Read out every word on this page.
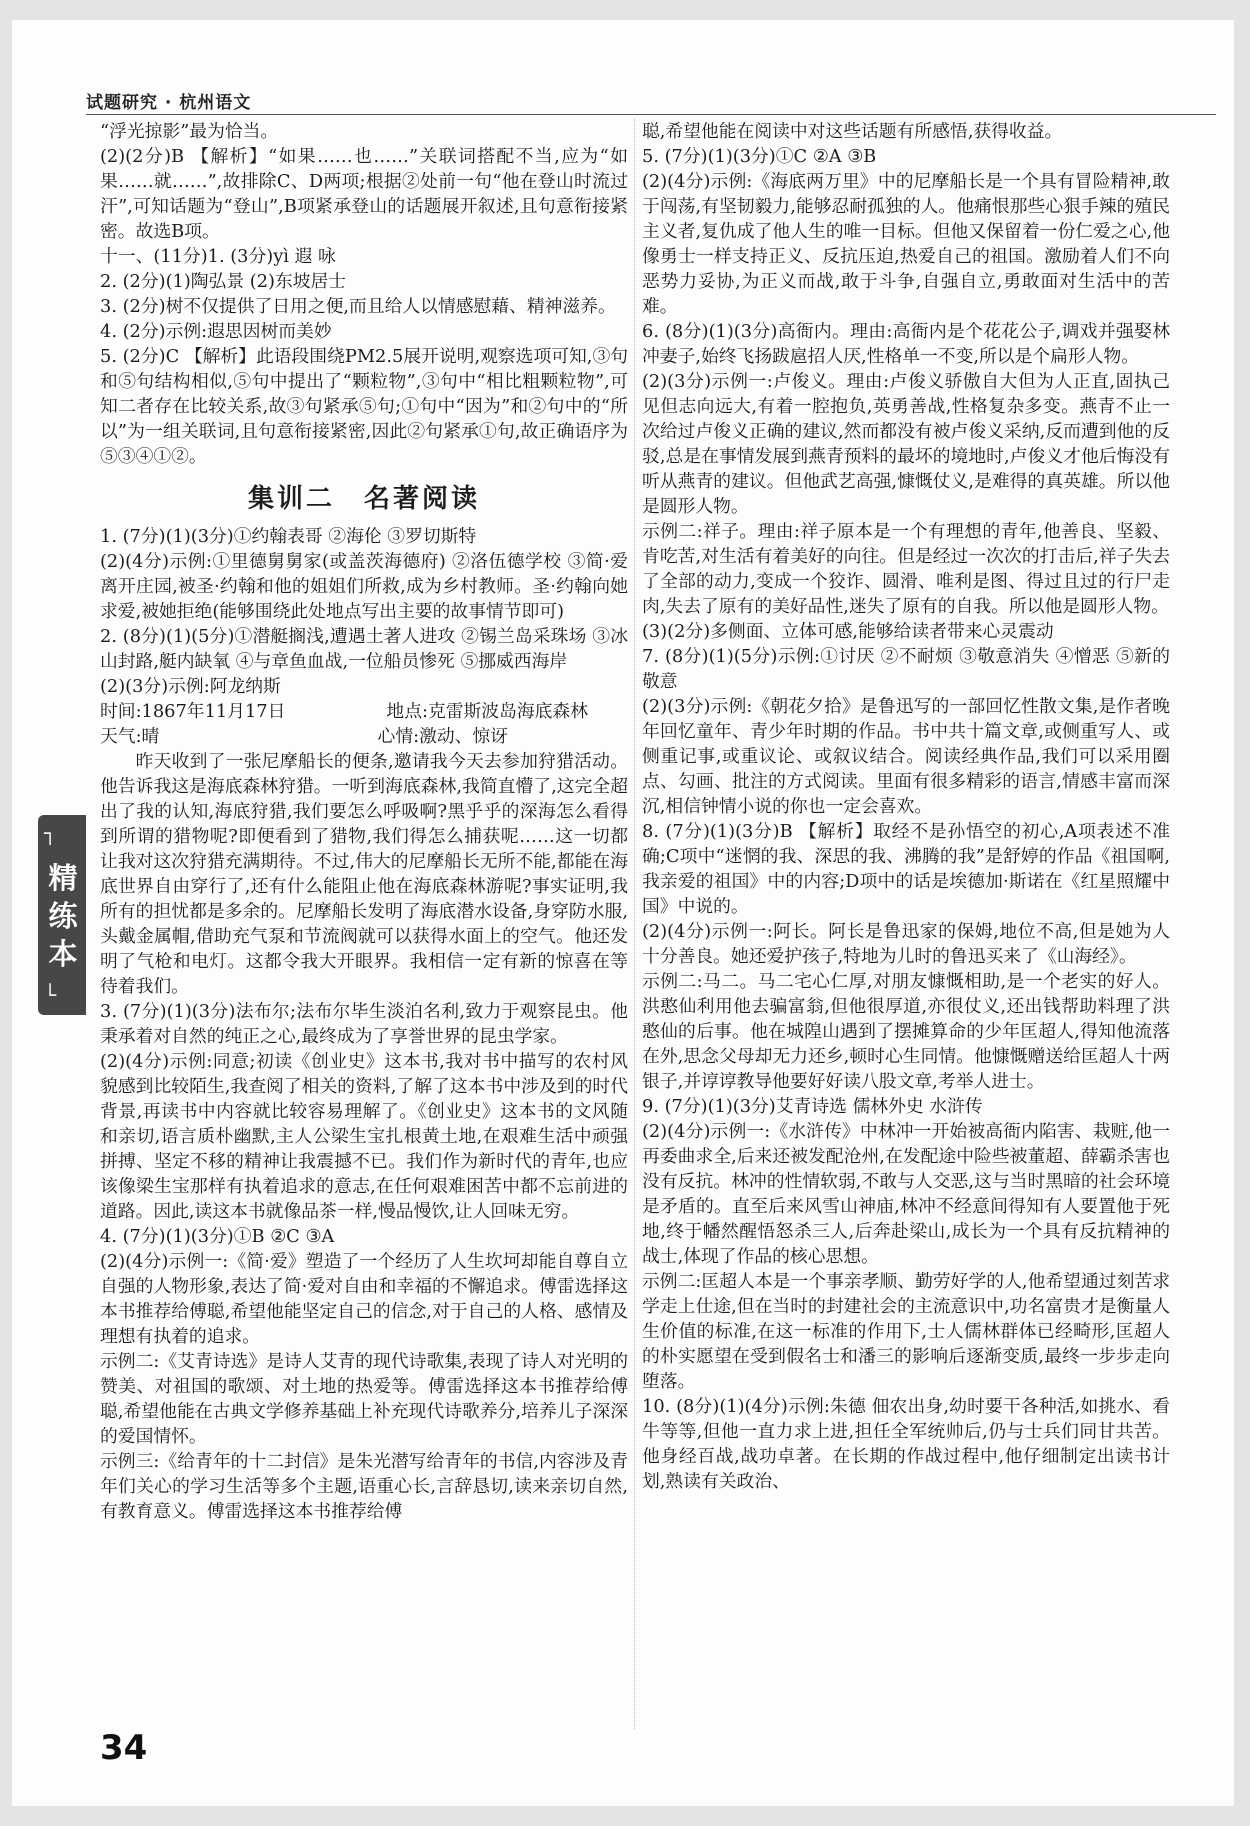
试题研究 · 杭州语文
┐
精练本
└

“浮光掠影”最为恰当。

(2)(2分)B 【解析】“如果……也……”关联词搭配不当,应为“如果……就……”,故排除C、D两项;根据②处前一句“他在登山时流过汗”,可知话题为“登山”,B项紧承登山的话题展开叙述,且句意衔接紧密。故选B项。

十一、(11分)1. (3分)yì 遐 咏

2. (2分)(1)陶弘景 (2)东坡居士

3. (2分)树不仅提供了日用之便,而且给人以情感慰藉、精神滋养。

4. (2分)示例:遐思因树而美妙

5. (2分)C 【解析】此语段围绕PM2.5展开说明,观察选项可知,③句和⑤句结构相似,⑤句中提出了“颗粒物”,③句中“相比粗颗粒物”,可知二者存在比较关系,故③句紧承⑤句;①句中“因为”和②句中的“所以”为一组关联词,且句意衔接紧密,因此②句紧承①句,故正确语序为⑤③④①②。

集训二　名著阅读

1. (7分)(1)(3分)①约翰表哥 ②海伦 ③罗切斯特

(2)(4分)示例:①里德舅舅家(或盖茨海德府) ②洛伍德学校 ③简·爱离开庄园,被圣·约翰和他的姐姐们所救,成为乡村教师。圣·约翰向她求爱,被她拒绝(能够围绕此处地点写出主要的故事情节即可)

2. (8分)(1)(5分)①潜艇搁浅,遭遇土著人进攻 ②锡兰岛采珠场 ③冰山封路,艇内缺氧 ④与章鱼血战,一位船员惨死 ⑤挪威西海岸

(2)(3分)示例:阿龙纳斯

时间:1867年11月17日	地点:克雷斯波岛海底森林
天气:晴	心情:激动、惊讶

昨天收到了一张尼摩船长的便条,邀请我今天去参加狩猎活动。他告诉我这是海底森林狩猎。一听到海底森林,我简直懵了,这完全超出了我的认知,海底狩猎,我们要怎么呼吸啊?黑乎乎的深海怎么看得到所谓的猎物呢?即便看到了猎物,我们得怎么捕获呢……这一切都让我对这次狩猎充满期待。不过,伟大的尼摩船长无所不能,都能在海底世界自由穿行了,还有什么能阻止他在海底森林游呢?事实证明,我所有的担忧都是多余的。尼摩船长发明了海底潜水设备,身穿防水服,头戴金属帽,借助充气泵和节流阀就可以获得水面上的空气。他还发明了气枪和电灯。这都令我大开眼界。我相信一定有新的惊喜在等待着我们。

3. (7分)(1)(3分)法布尔;法布尔毕生淡泊名利,致力于观察昆虫。他秉承着对自然的纯正之心,最终成为了享誉世界的昆虫学家。

(2)(4分)示例:同意;初读《创业史》这本书,我对书中描写的农村风貌感到比较陌生,我查阅了相关的资料,了解了这本书中涉及到的时代背景,再读书中内容就比较容易理解了。《创业史》这本书的文风随和亲切,语言质朴幽默,主人公梁生宝扎根黄土地,在艰难生活中顽强拼搏、坚定不移的精神让我震撼不已。我们作为新时代的青年,也应该像梁生宝那样有执着追求的意志,在任何艰难困苦中都不忘前进的道路。因此,读这本书就像品茶一样,慢品慢饮,让人回味无穷。

4. (7分)(1)(3分)①B ②C ③A

(2)(4分)示例一:《简·爱》塑造了一个经历了人生坎坷却能自尊自立自强的人物形象,表达了简·爱对自由和幸福的不懈追求。傅雷选择这本书推荐给傅聪,希望他能坚定自己的信念,对于自己的人格、感情及理想有执着的追求。

示例二:《艾青诗选》是诗人艾青的现代诗歌集,表现了诗人对光明的赞美、对祖国的歌颂、对土地的热爱等。傅雷选择这本书推荐给傅聪,希望他能在古典文学修养基础上补充现代诗歌养分,培养儿子深深的爱国情怀。

示例三:《给青年的十二封信》是朱光潜写给青年的书信,内容涉及青年们关心的学习生活等多个主题,语重心长,言辞恳切,读来亲切自然,有教育意义。傅雷选择这本书推荐给傅

聪,希望他能在阅读中对这些话题有所感悟,获得收益。

5. (7分)(1)(3分)①C ②A ③B

(2)(4分)示例:《海底两万里》中的尼摩船长是一个具有冒险精神,敢于闯荡,有坚韧毅力,能够忍耐孤独的人。他痛恨那些心狠手辣的殖民主义者,复仇成了他人生的唯一目标。但他又保留着一份仁爱之心,他像勇士一样支持正义、反抗压迫,热爱自己的祖国。激励着人们不向恶势力妥协,为正义而战,敢于斗争,自强自立,勇敢面对生活中的苦难。

6. (8分)(1)(3分)高衙内。理由:高衙内是个花花公子,调戏并强娶林冲妻子,始终飞扬跋扈招人厌,性格单一不变,所以是个扁形人物。

(2)(3分)示例一:卢俊义。理由:卢俊义骄傲自大但为人正直,固执己见但志向远大,有着一腔抱负,英勇善战,性格复杂多变。燕青不止一次给过卢俊义正确的建议,然而都没有被卢俊义采纳,反而遭到他的反驳,总是在事情发展到燕青预料的最坏的境地时,卢俊义才他后悔没有听从燕青的建议。但他武艺高强,慷慨仗义,是难得的真英雄。所以他是圆形人物。

示例二:祥子。理由:祥子原本是一个有理想的青年,他善良、坚毅、肯吃苦,对生活有着美好的向往。但是经过一次次的打击后,祥子失去了全部的动力,变成一个狡诈、圆滑、唯利是图、得过且过的行尸走肉,失去了原有的美好品性,迷失了原有的自我。所以他是圆形人物。

(3)(2分)多侧面、立体可感,能够给读者带来心灵震动

7. (8分)(1)(5分)示例:①讨厌 ②不耐烦 ③敬意消失 ④憎恶 ⑤新的敬意

(2)(3分)示例:《朝花夕拾》是鲁迅写的一部回忆性散文集,是作者晚年回忆童年、青少年时期的作品。书中共十篇文章,或侧重写人、或侧重记事,或重议论、或叙议结合。阅读经典作品,我们可以采用圈点、勾画、批注的方式阅读。里面有很多精彩的语言,情感丰富而深沉,相信钟情小说的你也一定会喜欢。

8. (7分)(1)(3分)B 【解析】取经不是孙悟空的初心,A项表述不准确;C项中“迷惘的我、深思的我、沸腾的我”是舒婷的作品《祖国啊,我亲爱的祖国》中的内容;D项中的话是埃德加·斯诺在《红星照耀中国》中说的。

(2)(4分)示例一:阿长。阿长是鲁迅家的保姆,地位不高,但是她为人十分善良。她还爱护孩子,特地为儿时的鲁迅买来了《山海经》。

示例二:马二。马二宅心仁厚,对朋友慷慨相助,是一个老实的好人。洪憨仙利用他去骗富翁,但他很厚道,亦很仗义,还出钱帮助料理了洪憨仙的后事。他在城隍山遇到了摆摊算命的少年匡超人,得知他流落在外,思念父母却无力还乡,顿时心生同情。他慷慨赠送给匡超人十两银子,并谆谆教导他要好好读八股文章,考举人进士。

9. (7分)(1)(3分)艾青诗选 儒林外史 水浒传

(2)(4分)示例一:《水浒传》中林冲一开始被高衙内陷害、栽赃,他一再委曲求全,后来还被发配沧州,在发配途中险些被董超、薛霸杀害也没有反抗。林冲的性情软弱,不敢与人交恶,这与当时黑暗的社会环境是矛盾的。直至后来风雪山神庙,林冲不经意间得知有人要置他于死地,终于幡然醒悟怒杀三人,后奔赴梁山,成长为一个具有反抗精神的战士,体现了作品的核心思想。

示例二:匡超人本是一个事亲孝顺、勤劳好学的人,他希望通过刻苦求学走上仕途,但在当时的封建社会的主流意识中,功名富贵才是衡量人生价值的标准,在这一标准的作用下,士人儒林群体已经畸形,匡超人的朴实愿望在受到假名士和潘三的影响后逐渐变质,最终一步步走向堕落。

10. (8分)(1)(4分)示例:朱德 佃农出身,幼时要干各种活,如挑水、看牛等等,但他一直力求上进,担任全军统帅后,仍与士兵们同甘共苦。他身经百战,战功卓著。在长期的作战过程中,他仔细制定出读书计划,熟读有关政治、

34
